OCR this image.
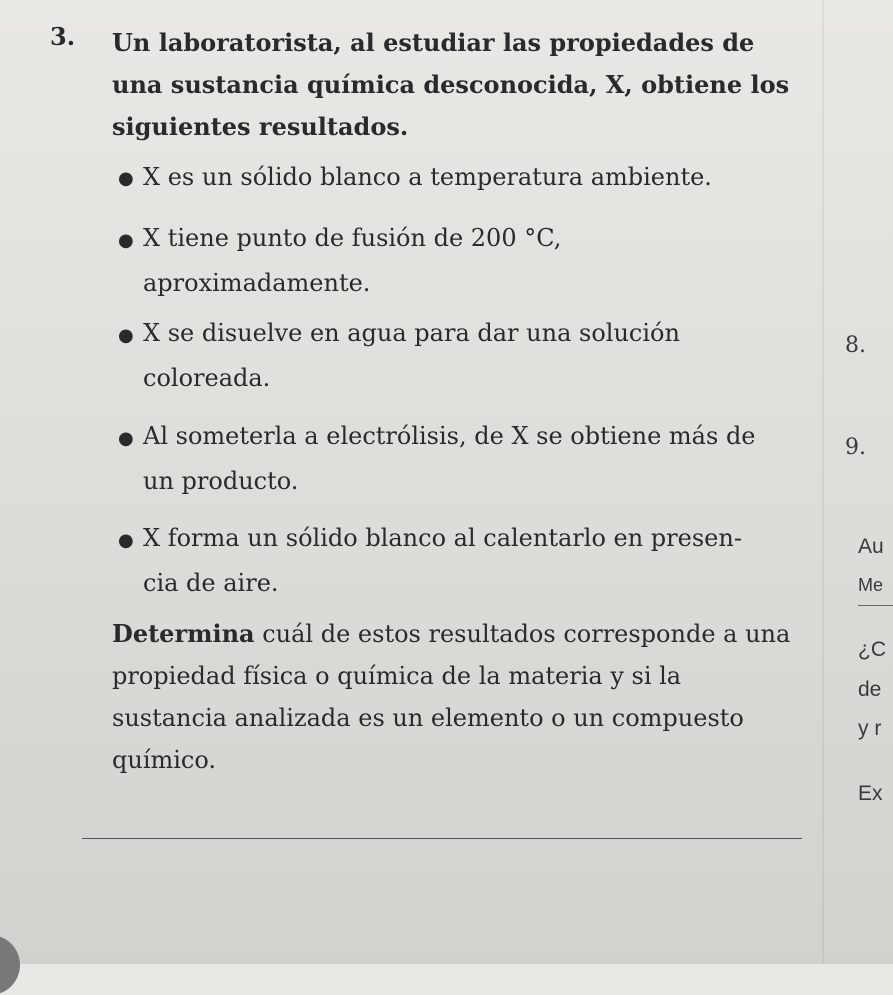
3. Un laboratorista, al estudiar las propiedades de una sustancia química desconocida, X, obtiene los siguientes resultados.
● X es un sólido blanco a temperatura ambiente.
● X tiene punto de fusión de 200 °C,
aproximadamente.
● X se disuelve en agua para dar una solución
coloreada.
● Al someterla a electrólisis, de X se obtiene más de
un producto.
● X forma un sólido blanco al calentarlo en presen-
cia de aire.
Determina cuál de estos resultados corresponde a una propiedad física o química de la materia y si la sustancia analizada es un elemento o un compuesto químico.
8.
9.
Au
Me
¿C
de
y r
Ex
